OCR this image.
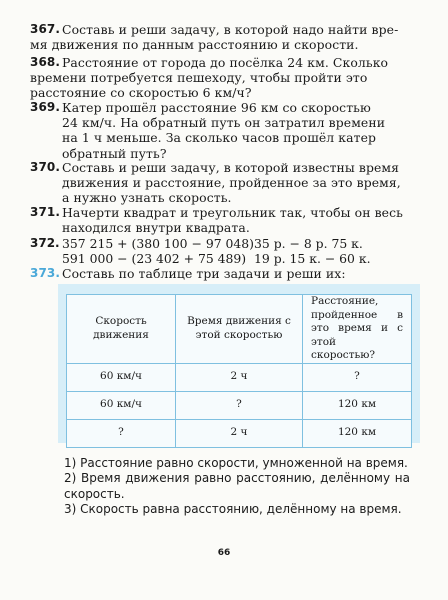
367. Составь и реши задачу, в которой надо найти вре-
мя движения по данным расстоянию и скорости.
368. Расстояние от города до посёлка 24 км. Сколько
времени потребуется пешеходу, чтобы пройти это
расстояние со скоростью 6 км/ч?
369. Катер прошёл расстояние 96 км со скоростью
24 км/ч. На обратный путь он затратил времени
на 1 ч меньше. За сколько часов прошёл катер
обратный путь?
370. Составь и реши задачу, в которой известны время
движения и расстояние, пройденное за это время,
а нужно узнать скорость.
371. Начерти квадрат и треугольник так, чтобы он весь
находился внутри квадрата.
372. 357 215 + (380 100 − 97 048) 35 р. − 8 р. 75 к.
591 000 − (23 402 + 75 489) 19 р. 15 к. − 60 к.
373. Составь по таблице три задачи и реши их:
Скорость движения	Время движения с этой скоростью	Расстояние, пройденное в это время и с этой скоростью?

60 км/ч	2 ч	?
60 км/ч	?	120 км
?	2 ч	120 км
1) Расстояние равно скорости, умноженной на время.
2) Время движения равно расстоянию, делённому на скорость.
3) Скорость равна расстоянию, делённому на время.
66
